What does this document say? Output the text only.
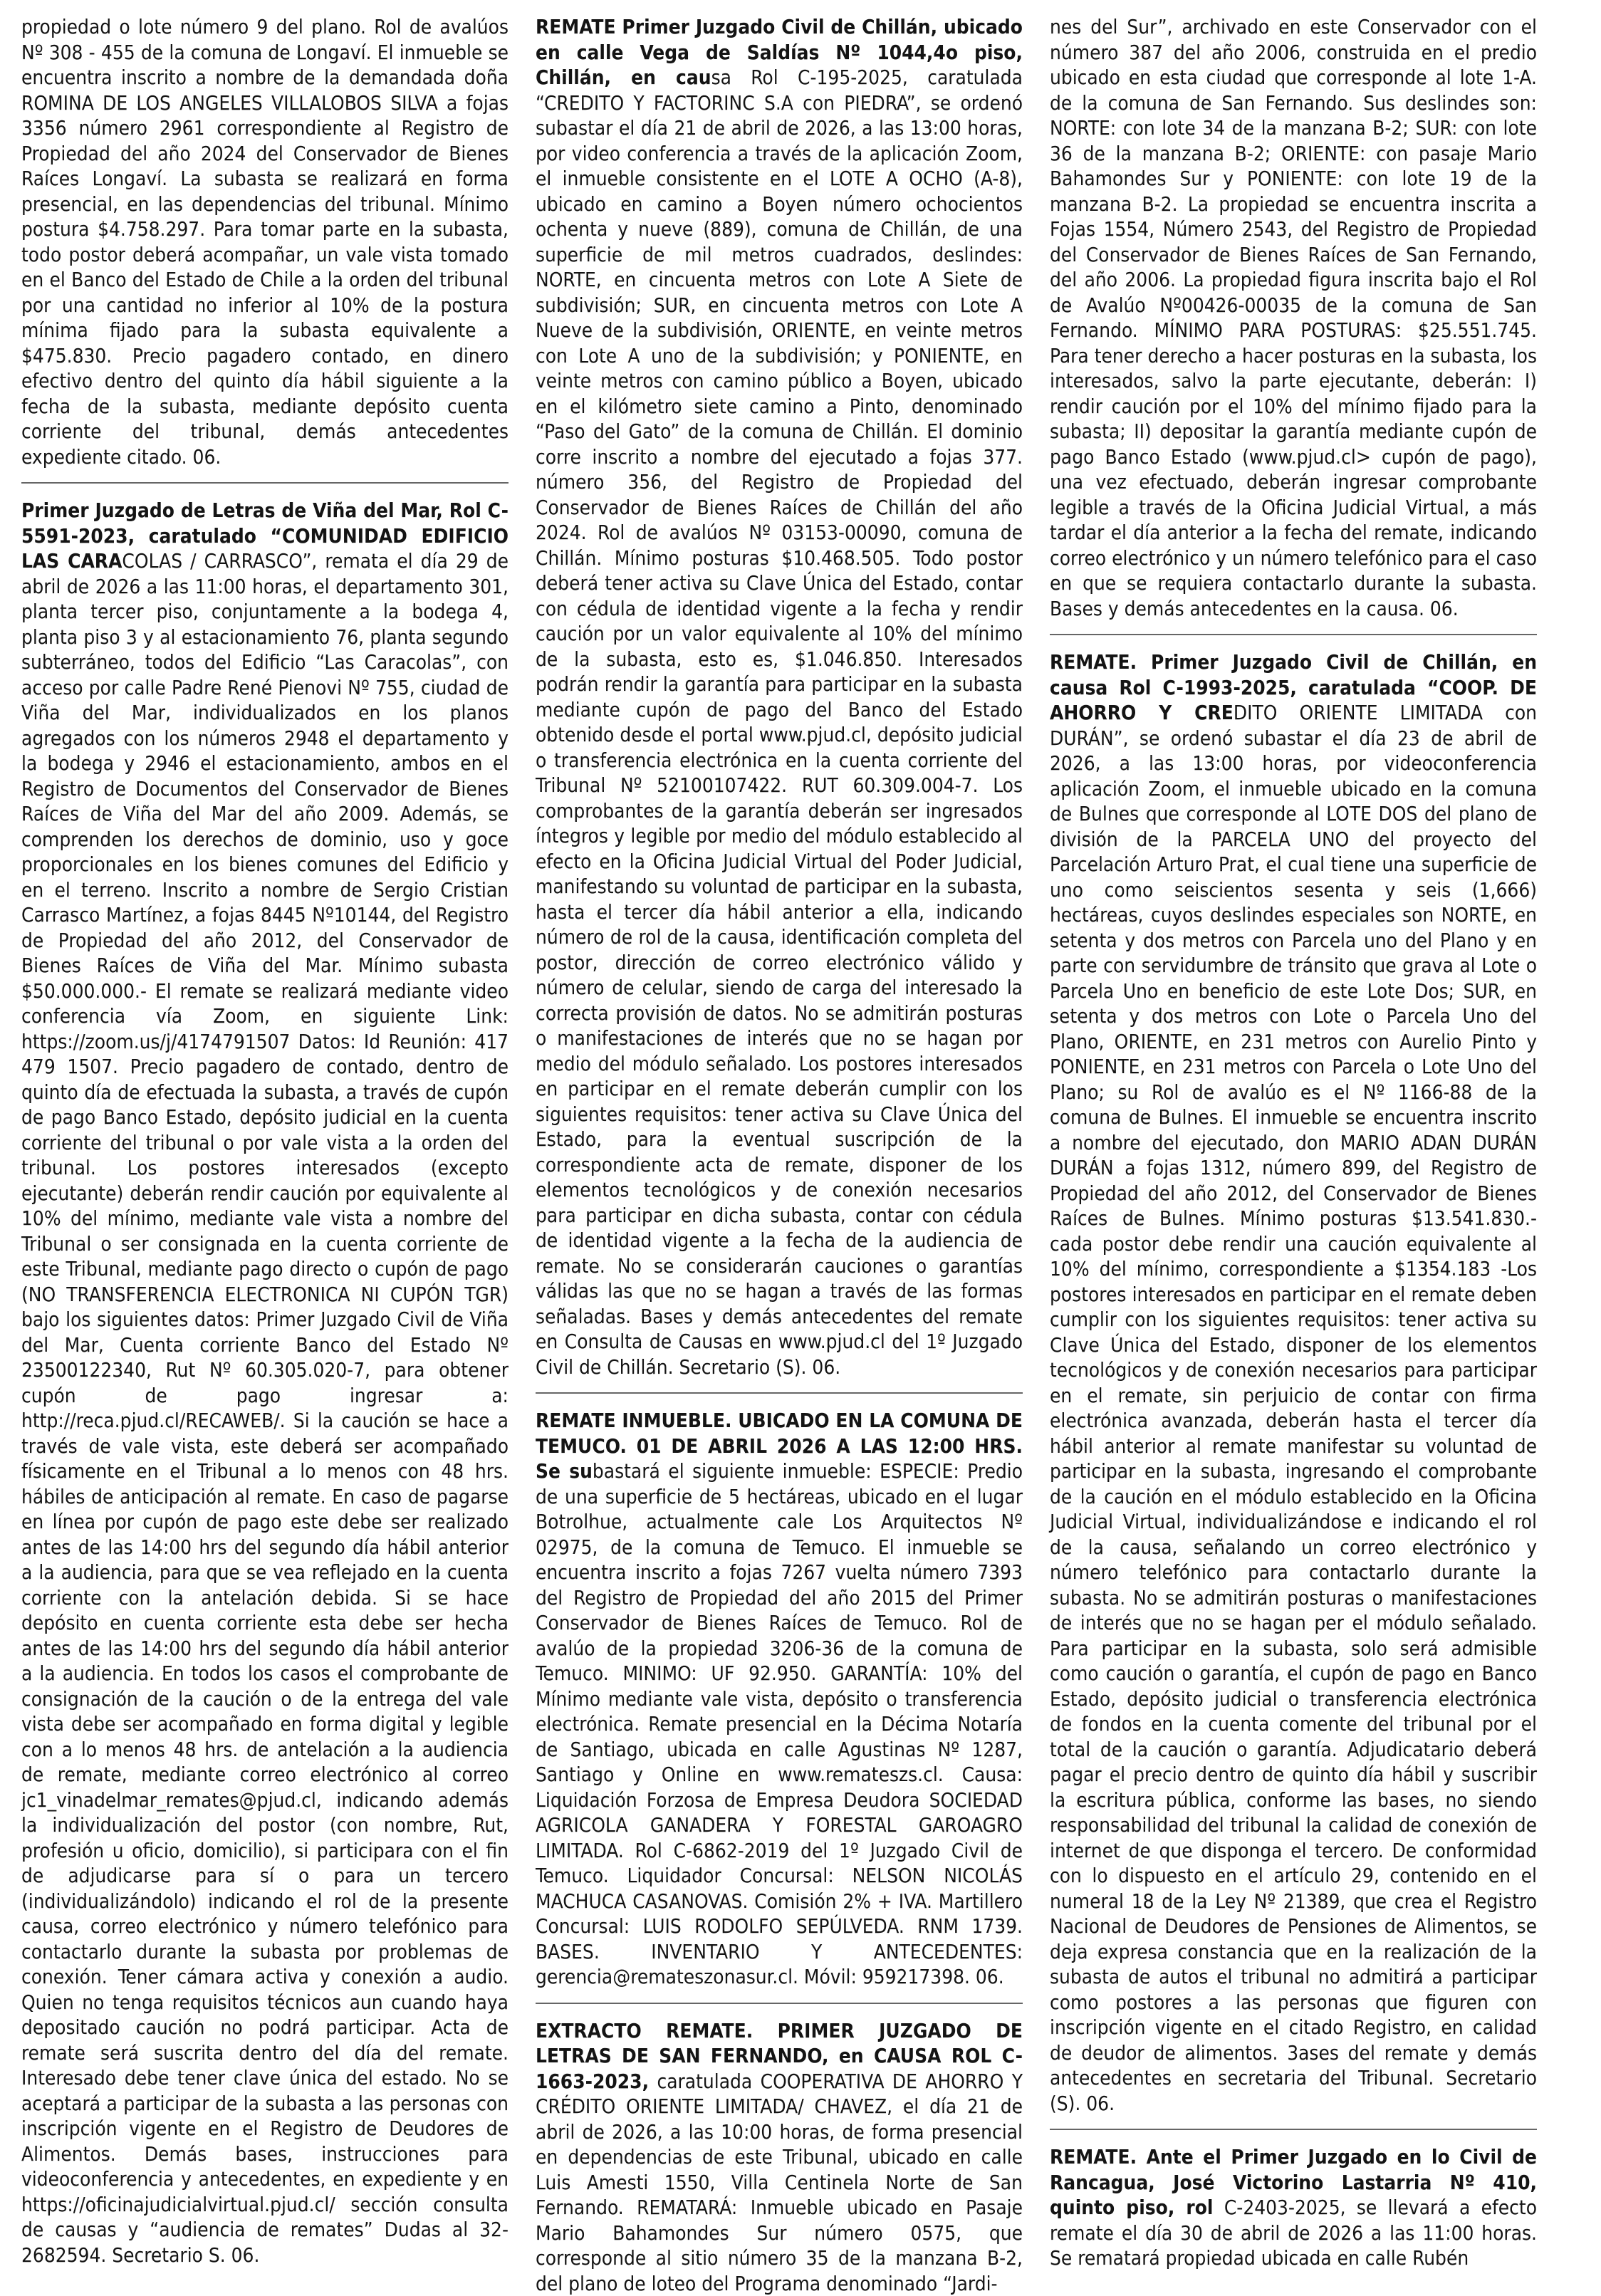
propiedad o lote número 9 del plano. Rol de avalúos Nº 308 - 455 de la comuna de Longaví. El inmueble se encuentra inscrito a nombre de la demandada doña ROMINA DE LOS ANGELES VILLALOBOS SILVA a fojas 3356 número 2961 correspondiente al Registro de Propiedad del año 2024 del Conservador de Bienes Raíces Longaví. La subasta se realizará en forma presencial, en las dependencias del tribunal. Mínimo postura $4.758.297. Para tomar parte en la subasta, todo postor deberá acompañar, un vale vista tomado en el Banco del Estado de Chile a la orden del tribunal por una cantidad no inferior al 10% de la postura mínima fijado para la subasta equivalente a $475.830. Precio pagadero contado, en dinero efectivo dentro del quinto día hábil siguiente a la fecha de la subasta, mediante depósito cuenta corriente del tribunal, demás antecedentes expediente citado. 06.

Primer Juzgado de Letras de Viña del Mar, Rol C-5591-2023, caratulado “COMUNIDAD EDIFICIO LAS CARACOLAS / CARRASCO”, remata el día 29 de abril de 2026 a las 11:00 horas, el departamento 301, planta tercer piso, conjuntamente a la bodega 4, planta piso 3 y al estacionamiento 76, planta segundo subterráneo, todos del Edificio “Las Caracolas”, con acceso por calle Padre René Pienovi Nº 755, ciudad de Viña del Mar, individualizados en los planos agregados con los números 2948 el departamento y la bodega y 2946 el estacionamiento, ambos en el Registro de Documentos del Conservador de Bienes Raíces de Viña del Mar del año 2009. Además, se comprenden los derechos de dominio, uso y goce proporcionales en los bienes comunes del Edificio y en el terreno. Inscrito a nombre de Sergio Cristian Carrasco Martínez, a fojas 8445 Nº10144, del Registro de Propiedad del año 2012, del Conservador de Bienes Raíces de Viña del Mar. Mínimo subasta $50.000.000.- El remate se realizará mediante video conferencia vía Zoom, en siguiente Link: https://zoom.us/j/4174791507 Datos: Id Reunión: 417 479 1507. Precio pagadero de contado, dentro de quinto día de efectuada la subasta, a través de cupón de pago Banco Estado, depósito judicial en la cuenta corriente del tribunal o por vale vista a la orden del tribunal. Los postores interesados (excepto ejecutante) deberán rendir caución por equivalente al 10% del mínimo, mediante vale vista a nombre del Tribunal o ser consignada en la cuenta corriente de este Tribunal, mediante pago directo o cupón de pago (NO TRANSFERENCIA ELECTRONICA NI CUPÓN TGR) bajo los siguientes datos: Primer Juzgado Civil de Viña del Mar, Cuenta corriente Banco del Estado Nº 23500122340, Rut Nº 60.305.020-7, para obtener cupón de pago ingresar a: http://reca.pjud.cl/RECAWEB/. Si la caución se hace a través de vale vista, este deberá ser acompañado físicamente en el Tribunal a lo menos con 48 hrs. hábiles de anticipación al remate. En caso de pagarse en línea por cupón de pago este debe ser realizado antes de las 14:00 hrs del segundo día hábil anterior a la audiencia, para que se vea reflejado en la cuenta corriente con la antelación debida. Si se hace depósito en cuenta corriente esta debe ser hecha antes de las 14:00 hrs del segundo día hábil anterior a la audiencia. En todos los casos el comprobante de consignación de la caución o de la entrega del vale vista debe ser acompañado en forma digital y legible con a lo menos 48 hrs. de antelación a la audiencia de remate, mediante correo electrónico al correo jc1_vinadelmar_remates@pjud.cl, indicando además la individualización del postor (con nombre, Rut, profesión u oficio, domicilio), si participara con el fin de adjudicarse para sí o para un tercero (individualizándolo) indicando el rol de la presente causa, correo electrónico y número telefónico para contactarlo durante la subasta por problemas de conexión. Tener cámara activa y conexión a audio. Quien no tenga requisitos técnicos aun cuando haya depositado caución no podrá participar. Acta de remate será suscrita dentro del día del remate. Interesado debe tener clave única del estado. No se aceptará a participar de la subasta a las personas con inscripción vigente en el Registro de Deudores de Alimentos. Demás bases, instrucciones para videoconferencia y antecedentes, en expediente y en https://oficinajudicialvirtual.pjud.cl/ sección consulta de causas y “audiencia de remates” Dudas al 32-2682594. Secretario S. 06.

REMATE Primer Juzgado Civil de Chillán, ubicado en calle Vega de Saldías Nº 1044,4o piso, Chillán, en causa Rol C-195-2025, caratulada “CREDITO Y FACTORINC S.A con PIEDRA”, se ordenó subastar el día 21 de abril de 2026, a las 13:00 horas, por video conferencia a través de la aplicación Zoom, el inmueble consistente en el LOTE A OCHO (A-8), ubicado en camino a Boyen número ochocientos ochenta y nueve (889), comuna de Chillán, de una superficie de mil metros cuadrados, deslindes: NORTE, en cincuenta metros con Lote A Siete de subdivisión; SUR, en cincuenta metros con Lote A Nueve de la subdivisión, ORIENTE, en veinte metros con Lote A uno de la subdivisión; y PONIENTE, en veinte metros con camino público a Boyen, ubicado en el kilómetro siete camino a Pinto, denominado “Paso del Gato” de la comuna de Chillán. El dominio corre inscrito a nombre del ejecutado a fojas 377. número 356, del Registro de Propiedad del Conservador de Bienes Raíces de Chillán del año 2024. Rol de avalúos Nº 03153-00090, comuna de Chillán. Mínimo posturas $10.468.505. Todo postor deberá tener activa su Clave Única del Estado, contar con cédula de identidad vigente a la fecha y rendir caución por un valor equivalente al 10% del mínimo de la subasta, esto es, $1.046.850. Interesados podrán rendir la garantía para participar en la subasta mediante cupón de pago del Banco del Estado obtenido desde el portal www.pjud.cl, depósito judicial o transferencia electrónica en la cuenta corriente del Tribunal Nº 52100107422. RUT 60.309.004-7. Los comprobantes de la garantía deberán ser ingresados íntegros y legible por medio del módulo establecido al efecto en la Oficina Judicial Virtual del Poder Judicial, manifestando su voluntad de participar en la subasta, hasta el tercer día hábil anterior a ella, indicando número de rol de la causa, identificación completa del postor, dirección de correo electrónico válido y número de celular, siendo de carga del interesado la correcta provisión de datos. No se admitirán posturas o manifestaciones de interés que no se hagan por medio del módulo señalado. Los postores interesados en participar en el remate deberán cumplir con los siguientes requisitos: tener activa su Clave Única del Estado, para la eventual suscripción de la correspondiente acta de remate, disponer de los elementos tecnológicos y de conexión necesarios para participar en dicha subasta, contar con cédula de identidad vigente a la fecha de la audiencia de remate. No se considerarán cauciones o garantías válidas las que no se hagan a través de las formas señaladas. Bases y demás antecedentes del remate en Consulta de Causas en www.pjud.cl del 1º Juzgado Civil de Chillán. Secretario (S). 06.

REMATE INMUEBLE. UBICADO EN LA COMUNA DE TEMUCO. 01 DE ABRIL 2026 A LAS 12:00 HRS. Se subastará el siguiente inmueble: ESPECIE: Predio de una superficie de 5 hectáreas, ubicado en el lugar Botrolhue, actualmente cale Los Arquitectos Nº 02975, de la comuna de Temuco. El inmueble se encuentra inscrito a fojas 7267 vuelta número 7393 del Registro de Propiedad del año 2015 del Primer Conservador de Bienes Raíces de Temuco. Rol de avalúo de la propiedad 3206-36 de la comuna de Temuco. MINIMO: UF 92.950. GARANTÍA: 10% del Mínimo mediante vale vista, depósito o transferencia electrónica. Remate presencial en la Décima Notaría de Santiago, ubicada en calle Agustinas Nº 1287, Santiago y Online en www.remateszs.cl. Causa: Liquidación Forzosa de Empresa Deudora SOCIEDAD AGRICOLA GANADERA Y FORESTAL GAROAGRO LIMITADA. Rol C-6862-2019 del 1º Juzgado Civil de Temuco. Liquidador Concursal: NELSON NICOLÁS MACHUCA CASANOVAS. Comisión 2% + IVA. Martillero Concursal: LUIS RODOLFO SEPÚLVEDA. RNM 1739. BASES. INVENTARIO Y ANTECEDENTES: gerencia@remateszonasur.cl. Móvil: 959217398. 06.

EXTRACTO REMATE. PRIMER JUZGADO DE LETRAS DE SAN FERNANDO, en CAUSA ROL C-1663-2023, caratulada COOPERATIVA DE AHORRO Y CRÉDITO ORIENTE LIMITADA/ CHAVEZ, el día 21 de abril de 2026, a las 10:00 horas, de forma presencial en dependencias de este Tribunal, ubicado en calle Luis Amesti 1550, Villa Centinela Norte de San Fernando. REMATARÁ: Inmueble ubicado en Pasaje Mario Bahamondes Sur número 0575, que corresponde al sitio número 35 de la manzana B-2, del plano de loteo del Programa denominado “Jardi-

nes del Sur”, archivado en este Conservador con el número 387 del año 2006, construida en el predio ubicado en esta ciudad que corresponde al lote 1-A. de la comuna de San Fernando. Sus deslindes son: NORTE: con lote 34 de la manzana B-2; SUR: con lote 36 de la manzana B-2; ORIENTE: con pasaje Mario Bahamondes Sur y PONIENTE: con lote 19 de la manzana B-2. La propiedad se encuentra inscrita a Fojas 1554, Número 2543, del Registro de Propiedad del Conservador de Bienes Raíces de San Fernando, del año 2006. La propiedad figura inscrita bajo el Rol de Avalúo Nº00426-00035 de la comuna de San Fernando. MÍNIMO PARA POSTURAS: $25.551.745. Para tener derecho a hacer posturas en la subasta, los interesados, salvo la parte ejecutante, deberán: I) rendir caución por el 10% del mínimo fijado para la subasta; II) depositar la garantía mediante cupón de pago Banco Estado (www.pjud.cl> cupón de pago), una vez efectuado, deberán ingresar comprobante legible a través de la Oficina Judicial Virtual, a más tardar el día anterior a la fecha del remate, indicando correo electrónico y un número telefónico para el caso en que se requiera contactarlo durante la subasta. Bases y demás antecedentes en la causa. 06.

REMATE. Primer Juzgado Civil de Chillán, en causa Rol C-1993-2025, caratulada “COOP. DE AHORRO Y CREDITO ORIENTE LIMITADA con DURÁN”, se ordenó subastar el día 23 de abril de 2026, a las 13:00 horas, por videoconferencia aplicación Zoom, el inmueble ubicado en la comuna de Bulnes que corresponde al LOTE DOS del plano de división de la PARCELA UNO del proyecto del Parcelación Arturo Prat, el cual tiene una superficie de uno como seiscientos sesenta y seis (1,666) hectáreas, cuyos deslindes especiales son NORTE, en setenta y dos metros con Parcela uno del Plano y en parte con servidumbre de tránsito que grava al Lote o Parcela Uno en beneficio de este Lote Dos; SUR, en setenta y dos metros con Lote o Parcela Uno del Plano, ORIENTE, en 231 metros con Aurelio Pinto y PONIENTE, en 231 metros con Parcela o Lote Uno del Plano; su Rol de avalúo es el Nº 1166-88 de la comuna de Bulnes. El inmueble se encuentra inscrito a nombre del ejecutado, don MARIO ADAN DURÁN DURÁN a fojas 1312, número 899, del Registro de Propiedad del año 2012, del Conservador de Bienes Raíces de Bulnes. Mínimo posturas $13.541.830.- cada postor debe rendir una caución equivalente al 10% del mínimo, correspondiente a $1354.183 -Los postores interesados en participar en el remate deben cumplir con los siguientes requisitos: tener activa su Clave Única del Estado, disponer de los elementos tecnológicos y de conexión necesarios para participar en el remate, sin perjuicio de contar con firma electrónica avanzada, deberán hasta el tercer día hábil anterior al remate manifestar su voluntad de participar en la subasta, ingresando el comprobante de la caución en el módulo establecido en la Oficina Judicial Virtual, individualizándose e indicando el rol de la causa, señalando un correo electrónico y número telefónico para contactarlo durante la subasta. No se admitirán posturas o manifestaciones de interés que no se hagan per el módulo señalado. Para participar en la subasta, solo será admisible como caución o garantía, el cupón de pago en Banco Estado, depósito judicial o transferencia electrónica de fondos en la cuenta comente del tribunal por el total de la caución o garantía. Adjudicatario deberá pagar el precio dentro de quinto día hábil y suscribir la escritura pública, conforme las bases, no siendo responsabilidad del tribunal la calidad de conexión de internet de que disponga el tercero. De conformidad con lo dispuesto en el artículo 29, contenido en el numeral 18 de la Ley Nº 21389, que crea el Registro Nacional de Deudores de Pensiones de Alimentos, se deja expresa constancia que en la realización de la subasta de autos el tribunal no admitirá a participar como postores a las personas que figuren con inscripción vigente en el citado Registro, en calidad de deudor de alimentos. 3ases del remate y demás antecedentes en secretaria del Tribunal. Secretario (S). 06.

REMATE. Ante el Primer Juzgado en lo Civil de Rancagua, José Victorino Lastarria Nº 410, quinto piso, rol C-2403-2025, se llevará a efecto remate el día 30 de abril de 2026 a las 11:00 horas. Se rematará propiedad ubicada en calle Rubén
